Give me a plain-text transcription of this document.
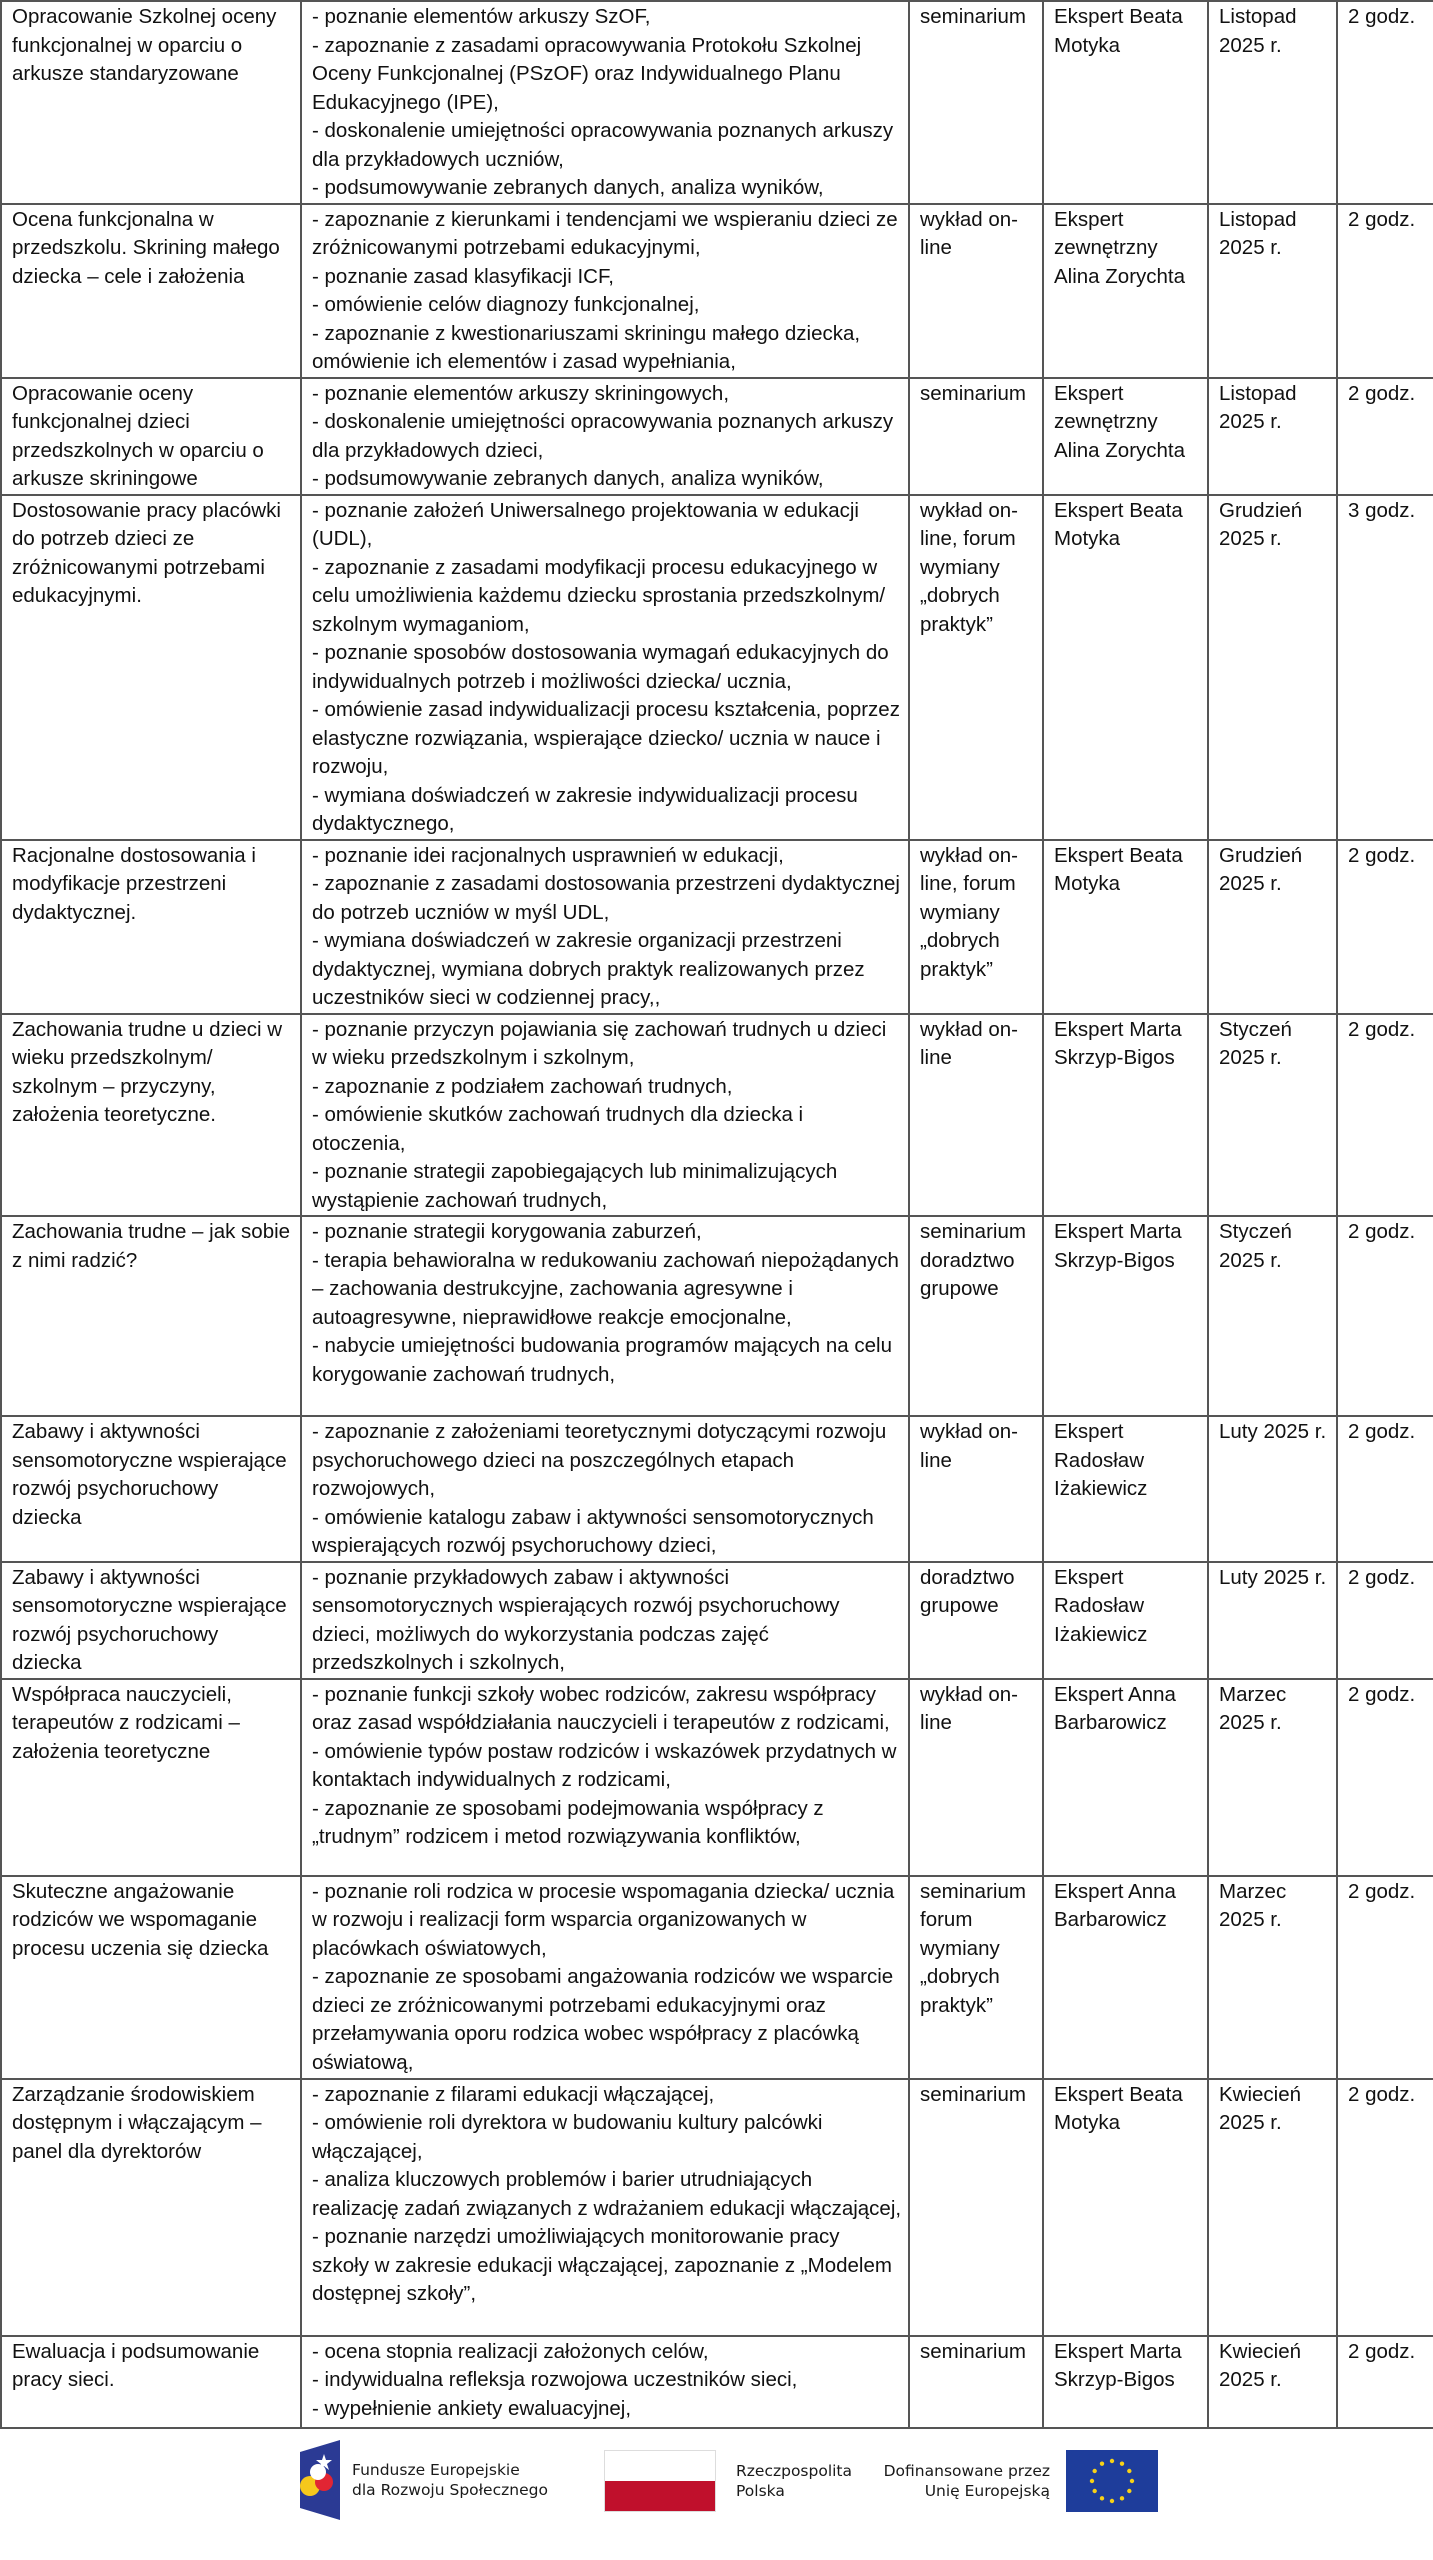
Opracowanie Szkolnej oceny funkcjonalnej w oparciu o arkusze standaryzowane	- poznanie elementów arkuszy SzOF,
- zapoznanie z zasadami opracowywania Protokołu Szkolnej Oceny Funkcjonalnej (PSzOF) oraz Indywidualnego Planu Edukacyjnego (IPE),
- doskonalenie umiejętności opracowywania poznanych arkuszy dla przykładowych uczniów,
- podsumowywanie zebranych danych, analiza wyników,	seminarium	Ekspert Beata Motyka	Listopad 2025 r.	2 godz.
Ocena funkcjonalna w przedszkolu. Skrining małego dziecka – cele i założenia	- zapoznanie z kierunkami i tendencjami we wspieraniu dzieci ze zróżnicowanymi potrzebami edukacyjnymi,
- poznanie zasad klasyfikacji ICF,
- omówienie celów diagnozy funkcjonalnej,
- zapoznanie z kwestionariuszami skriningu małego dziecka, omówienie ich elementów i zasad wypełniania,	wykład on-line	Ekspert zewnętrzny Alina Zorychta	Listopad 2025 r.	2 godz.
Opracowanie oceny funkcjonalnej dzieci przedszkolnych w oparciu o arkusze skriningowe	- poznanie elementów arkuszy skriningowych,
- doskonalenie umiejętności opracowywania poznanych arkuszy dla przykładowych dzieci,
- podsumowywanie zebranych danych, analiza wyników,	seminarium	Ekspert zewnętrzny Alina Zorychta	Listopad 2025 r.	2 godz.
Dostosowanie pracy placówki do potrzeb dzieci ze zróżnicowanymi potrzebami edukacyjnymi.	- poznanie założeń Uniwersalnego projektowania w edukacji (UDL),
- zapoznanie z zasadami modyfikacji procesu edukacyjnego w celu umożliwienia każdemu dziecku sprostania przedszkolnym/ szkolnym wymaganiom,
- poznanie sposobów dostosowania wymagań edukacyjnych do indywidualnych potrzeb i możliwości dziecka/ ucznia,
- omówienie zasad indywidualizacji procesu kształcenia, poprzez elastyczne rozwiązania, wspierające dziecko/ ucznia w nauce i rozwoju,
- wymiana doświadczeń w zakresie indywidualizacji procesu dydaktycznego,	wykład on-line, forum wymiany „dobrych praktyk”	Ekspert Beata Motyka	Grudzień 2025 r.	3 godz.
Racjonalne dostosowania i modyfikacje przestrzeni dydaktycznej.	- poznanie idei racjonalnych usprawnień w edukacji,
- zapoznanie z zasadami dostosowania przestrzeni dydaktycznej do potrzeb uczniów w myśl UDL,
- wymiana doświadczeń w zakresie organizacji przestrzeni dydaktycznej, wymiana dobrych praktyk realizowanych przez uczestników sieci w codziennej pracy,,	wykład on-line, forum wymiany „dobrych praktyk”	Ekspert Beata Motyka	Grudzień 2025 r.	2 godz.
Zachowania trudne u dzieci w wieku przedszkolnym/ szkolnym – przyczyny, założenia teoretyczne.	- poznanie przyczyn pojawiania się zachowań trudnych u dzieci w wieku przedszkolnym i szkolnym,
- zapoznanie z podziałem zachowań trudnych,
- omówienie skutków zachowań trudnych dla dziecka i otoczenia,
- poznanie strategii zapobiegających lub minimalizujących wystąpienie zachowań trudnych,	wykład on-line	Ekspert Marta Skrzyp-Bigos	Styczeń 2025 r.	2 godz.
Zachowania trudne – jak sobie z nimi radzić?	- poznanie strategii korygowania zaburzeń,
- terapia behawioralna w redukowaniu zachowań niepożądanych – zachowania destrukcyjne, zachowania agresywne i autoagresywne, nieprawidłowe reakcje emocjonalne,
- nabycie umiejętności budowania programów mających na celu korygowanie zachowań trudnych,	seminarium doradztwo grupowe	Ekspert Marta Skrzyp-Bigos	Styczeń 2025 r.	2 godz.
Zabawy i aktywności sensomotoryczne wspierające rozwój psychoruchowy dziecka	- zapoznanie z założeniami teoretycznymi dotyczącymi rozwoju psychoruchowego dzieci na poszczególnych etapach rozwojowych,
- omówienie katalogu zabaw i aktywności sensomotorycznych wspierających rozwój psychoruchowy dzieci,	wykład on-line	Ekspert Radosław Iżakiewicz	Luty 2025 r.	2 godz.
Zabawy i aktywności sensomotoryczne wspierające rozwój psychoruchowy dziecka	- poznanie przykładowych zabaw i aktywności sensomotorycznych wspierających rozwój psychoruchowy dzieci, możliwych do wykorzystania podczas zajęć przedszkolnych i szkolnych,	doradztwo grupowe	Ekspert Radosław Iżakiewicz	Luty 2025 r.	2 godz.
Współpraca nauczycieli, terapeutów z rodzicami – założenia teoretyczne	- poznanie funkcji szkoły wobec rodziców, zakresu współpracy oraz zasad współdziałania nauczycieli i terapeutów z rodzicami,
- omówienie typów postaw rodziców i wskazówek przydatnych w kontaktach indywidualnych z rodzicami,
- zapoznanie ze sposobami podejmowania współpracy z „trudnym” rodzicem i metod rozwiązywania konfliktów,	wykład on-line	Ekspert Anna Barbarowicz	Marzec 2025 r.	2 godz.
Skuteczne angażowanie rodziców we wspomaganie procesu uczenia się dziecka	- poznanie roli rodzica w procesie wspomagania dziecka/ ucznia w rozwoju i realizacji form wsparcia organizowanych w placówkach oświatowych,
- zapoznanie ze sposobami angażowania rodziców we wsparcie dzieci ze zróżnicowanymi potrzebami edukacyjnymi oraz przełamywania oporu rodzica wobec współpracy z placówką oświatową,	seminarium forum wymiany „dobrych praktyk”	Ekspert Anna Barbarowicz	Marzec 2025 r.	2 godz.
Zarządzanie środowiskiem dostępnym i włączającym – panel dla dyrektorów	- zapoznanie z filarami edukacji włączającej,
- omówienie roli dyrektora w budowaniu kultury palcówki włączającej,
- analiza kluczowych problemów i barier utrudniających realizację zadań związanych z wdrażaniem edukacji włączającej,
- poznanie narzędzi umożliwiających monitorowanie pracy szkoły w zakresie edukacji włączającej, zapoznanie z „Modelem dostępnej szkoły”,	seminarium	Ekspert Beata Motyka	Kwiecień 2025 r.	2 godz.
Ewaluacja i podsumowanie pracy sieci.	- ocena stopnia realizacji założonych celów,
- indywidualna refleksja rozwojowa uczestników sieci,
- wypełnienie ankiety ewaluacyjnej,	seminarium	Ekspert Marta Skrzyp-Bigos	Kwiecień 2025 r.	2 godz.
Fundusze Europejskie
dla Rozwoju Społecznego
Rzeczpospolita
Polska
Dofinansowane przez
Unię Europejską
